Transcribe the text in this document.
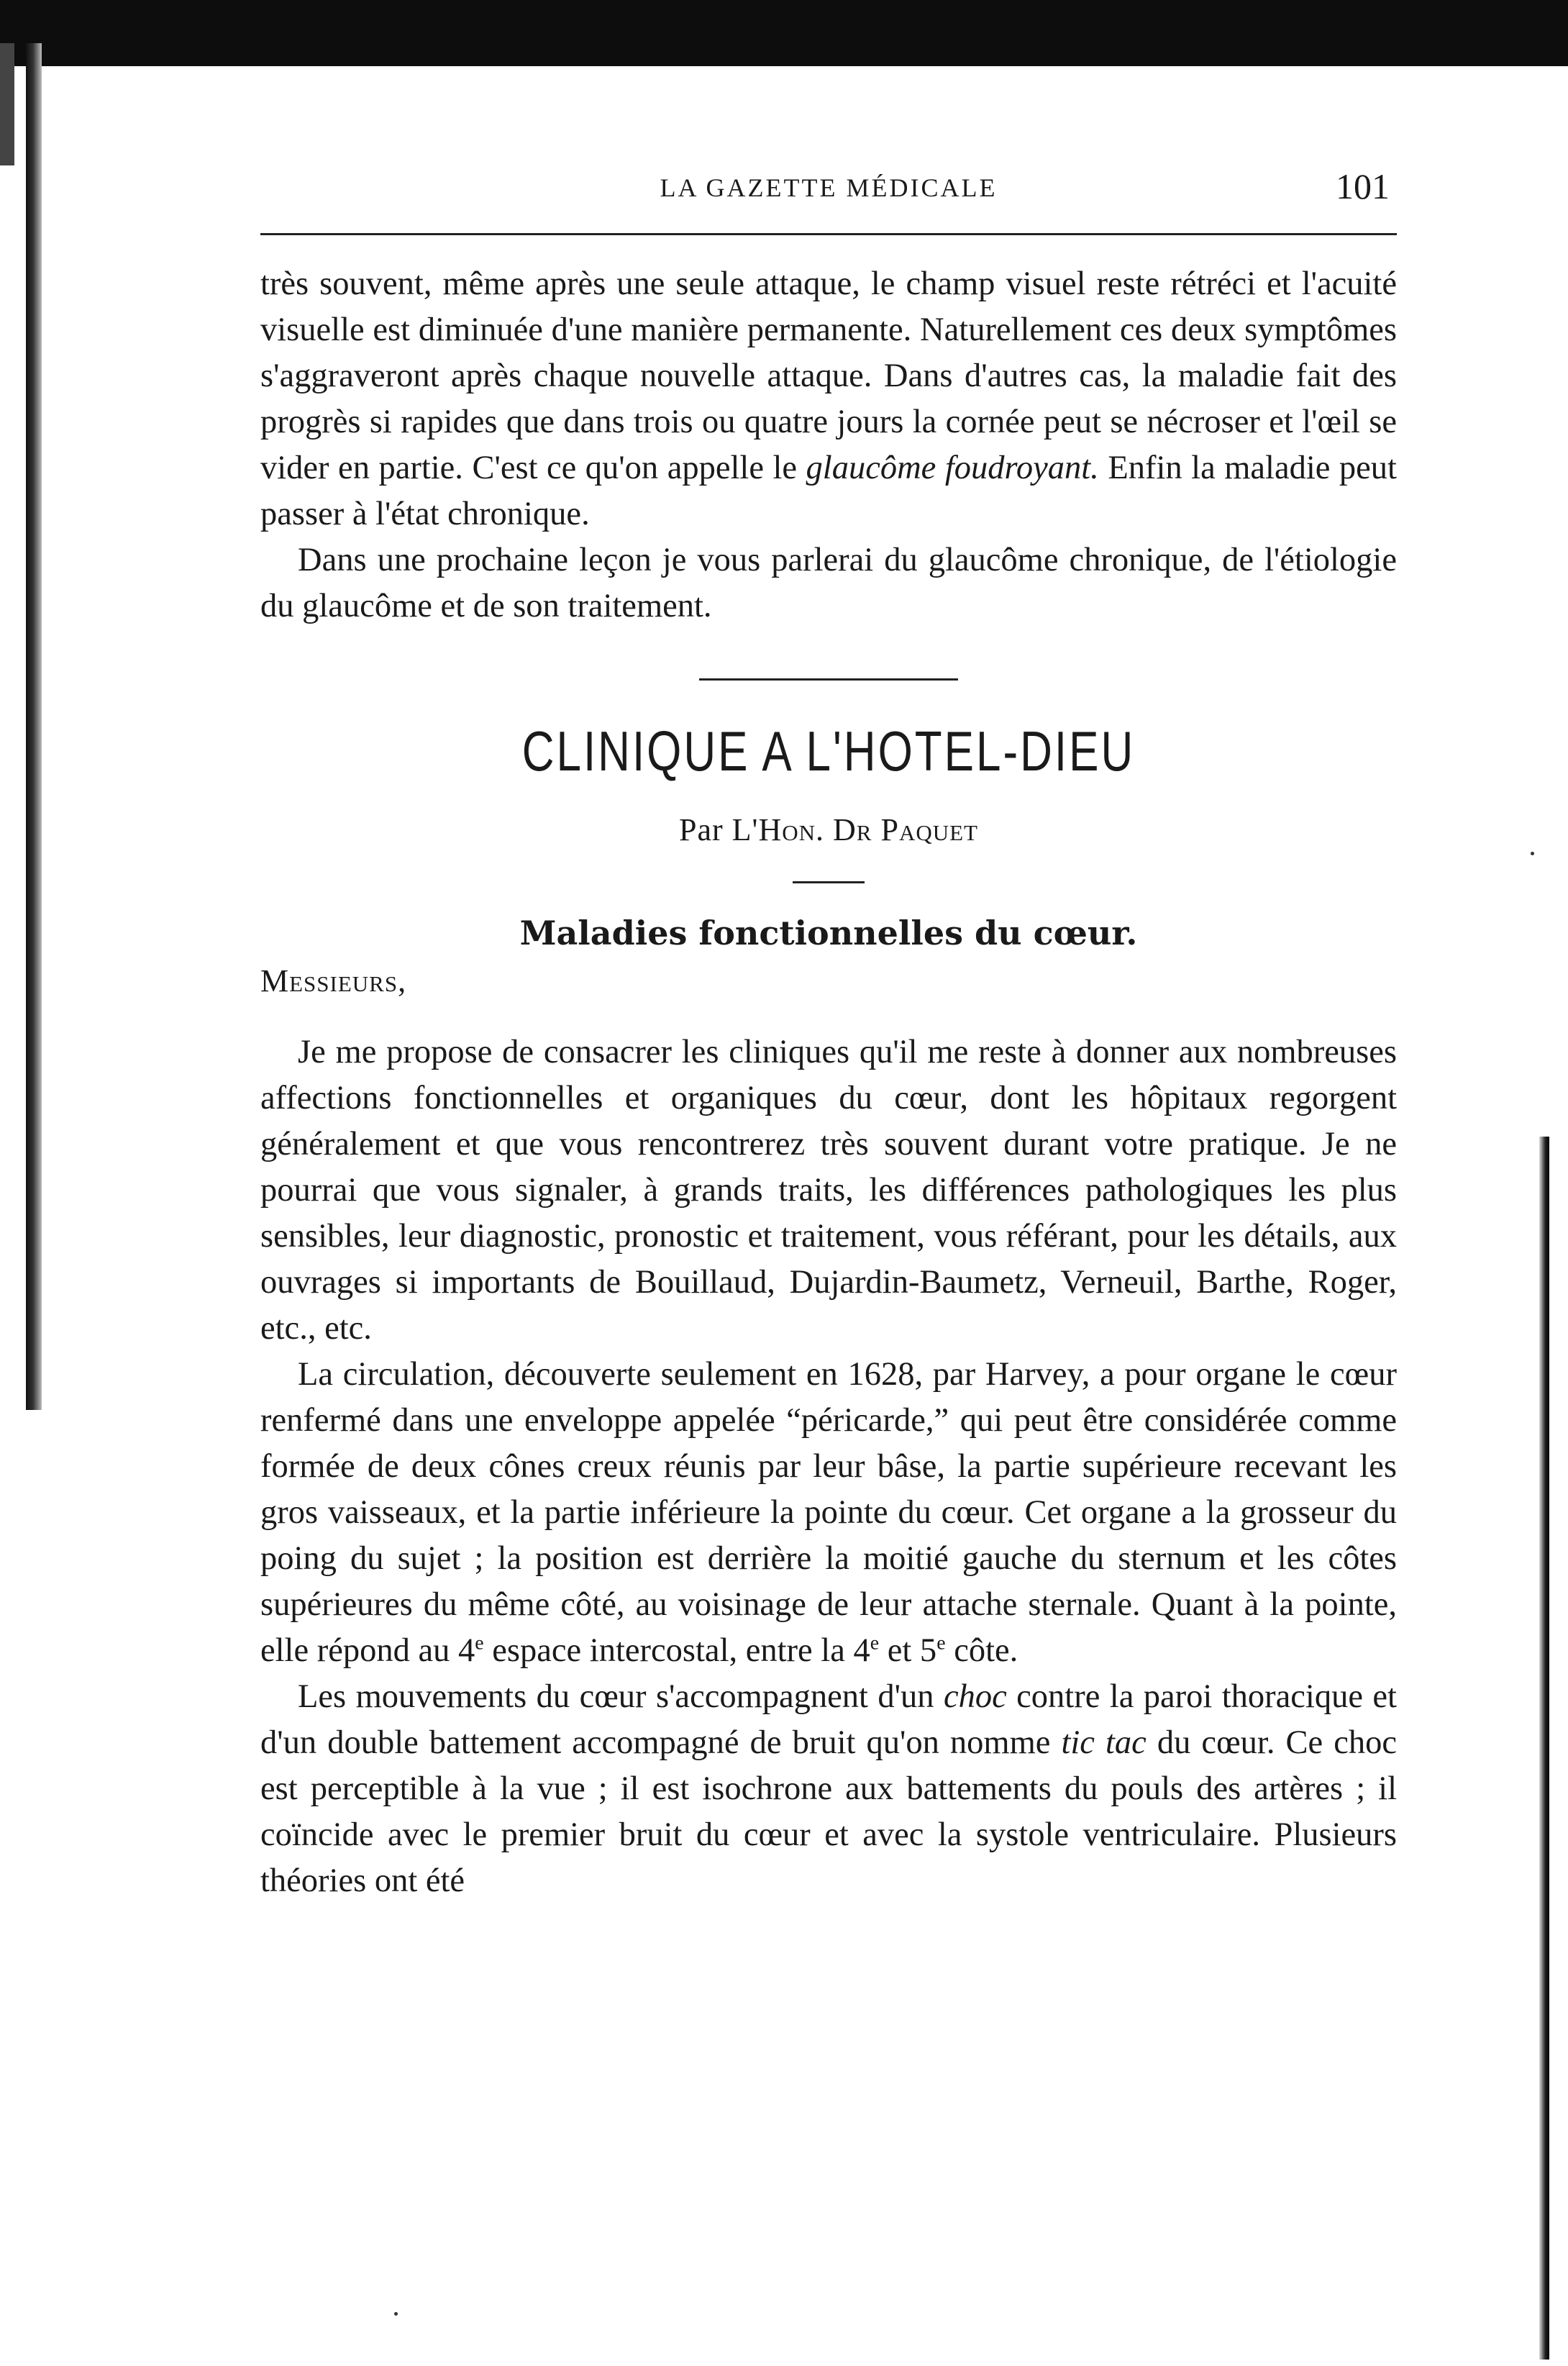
LA GAZETTE MÉDICALE	101

très souvent, même après une seule attaque, le champ visuel reste rétréci et l'acuité visuelle est diminuée d'une manière permanente. Naturellement ces deux symptômes s'aggraveront après chaque nouvelle attaque. Dans d'autres cas, la maladie fait des progrès si rapides que dans trois ou quatre jours la cornée peut se nécroser et l'œil se vider en partie. C'est ce qu'on appelle le glaucôme foudroyant. Enfin la maladie peut passer à l'état chronique.

Dans une prochaine leçon je vous parlerai du glaucôme chronique, de l'étiologie du glaucôme et de son traitement.

CLINIQUE A L'HOTEL-DIEU
Par L'Hon. Dr Paquet
Maladies fonctionnelles du cœur.
Messieurs,

Je me propose de consacrer les cliniques qu'il me reste à donner aux nombreuses affections fonctionnelles et organiques du cœur, dont les hôpitaux regorgent généralement et que vous rencontrerez très souvent durant votre pratique. Je ne pourrai que vous signaler, à grands traits, les différences pathologiques les plus sensibles, leur diagnostic, pronostic et traitement, vous référant, pour les détails, aux ouvrages si importants de Bouillaud, Dujardin-Baumetz, Verneuil, Barthe, Roger, etc., etc.

La circulation, découverte seulement en 1628, par Harvey, a pour organe le cœur renfermé dans une enveloppe appelée “péricarde,” qui peut être considérée comme formée de deux cônes creux réunis par leur bâse, la partie supérieure recevant les gros vaisseaux, et la partie inférieure la pointe du cœur. Cet organe a la grosseur du poing du sujet ; la position est derrière la moitié gauche du sternum et les côtes supérieures du même côté, au voisinage de leur attache sternale. Quant à la pointe, elle répond au 4e espace intercostal, entre la 4e et 5e côte.

Les mouvements du cœur s'accompagnent d'un choc contre la paroi thoracique et d'un double battement accompagné de bruit qu'on nomme tic tac du cœur. Ce choc est perceptible à la vue ; il est isochrone aux battements du pouls des artères ; il coïncide avec le premier bruit du cœur et avec la systole ventriculaire. Plusieurs théories ont été
